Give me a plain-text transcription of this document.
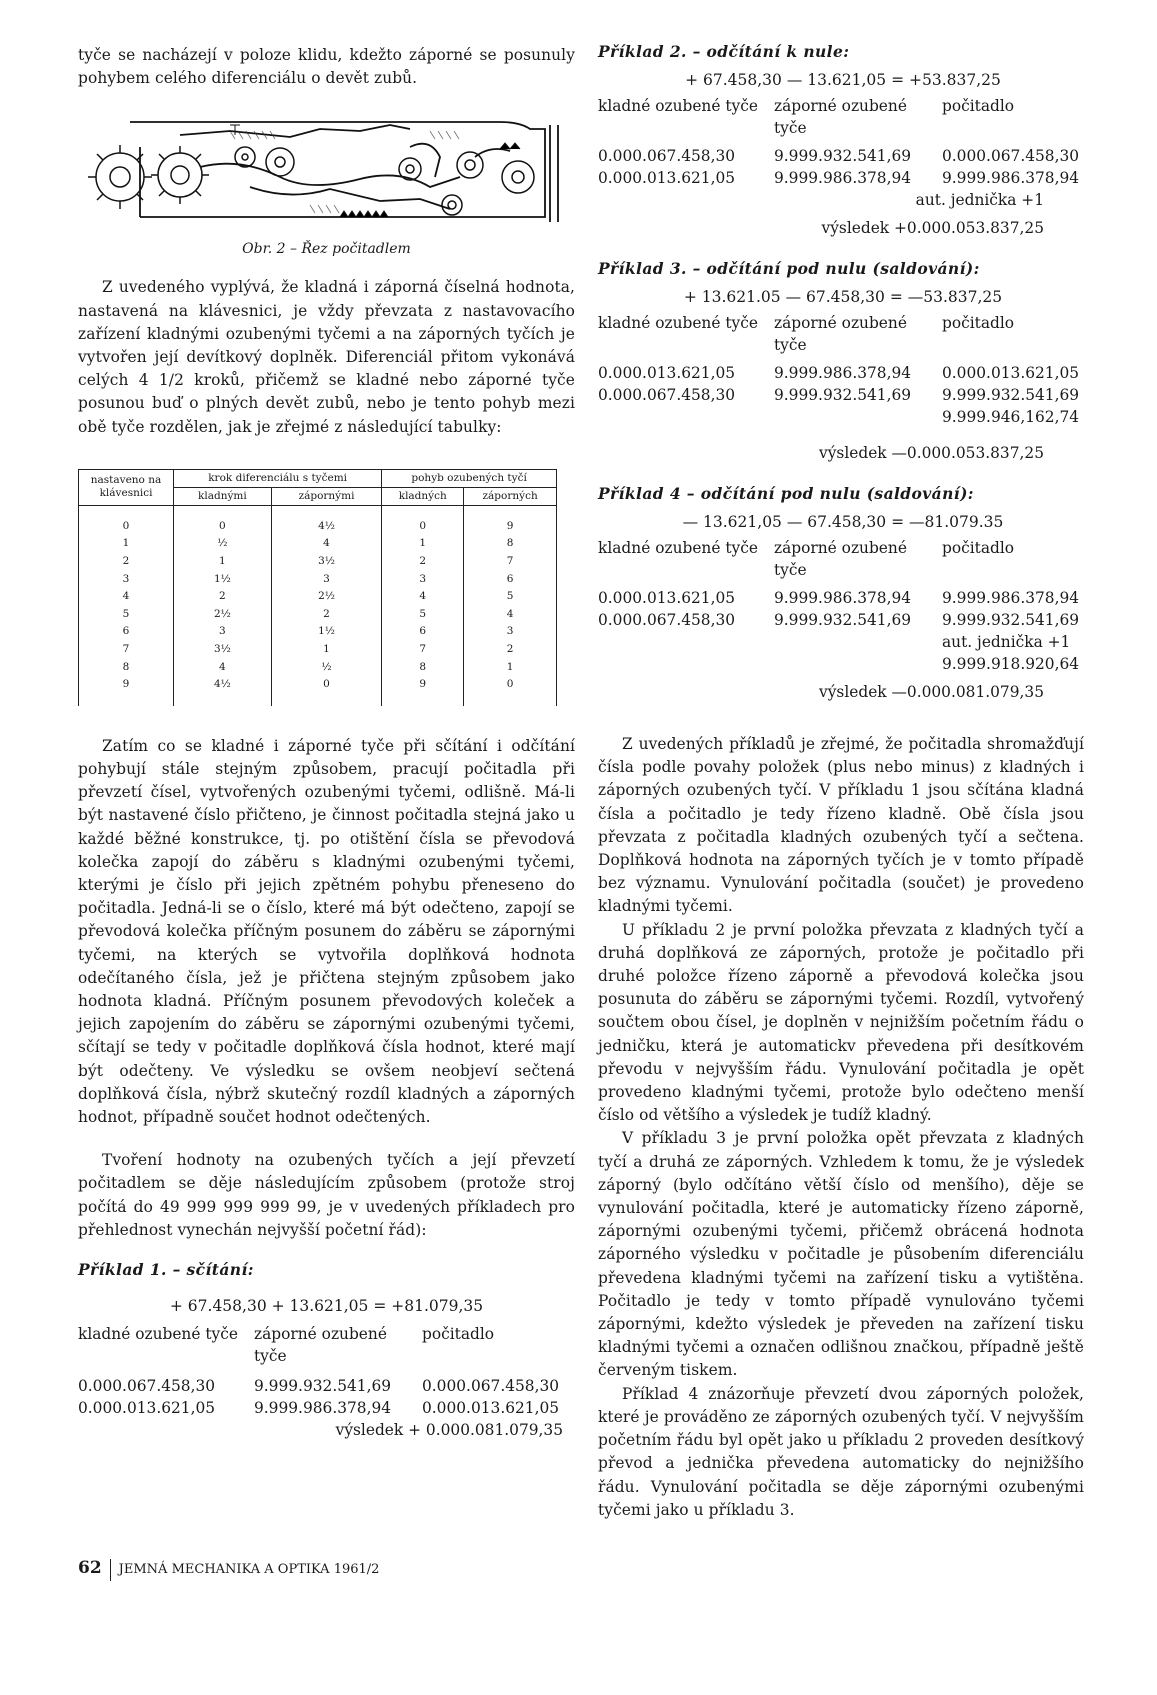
tyče se nacházejí v poloze klidu, kdežto záporné se posunuly pohybem celého diferenciálu o devět zubů.

Obr. 2 – Řez počitadlem

Z uvedeného vyplývá, že kladná i záporná číselná hodnota, nastavená na klávesnici, je vždy převzata z nastavovacího zařízení kladnými ozubenými tyčemi a na záporných tyčích je vytvořen její devítkový doplněk. Diferenciál přitom vykonává celých 4 1/2 kroků, přičemž se kladné nebo záporné tyče posunou buď o plných devět zubů, nebo je tento pohyb mezi obě tyče rozdělen, jak je zřejmé z následující tabulky:

nastaveno na klávesnici	krok diferenciálu s tyčemi		pohyb ozubených tyčí	
	kladnými	zápornými	kladných	záporných
0	0	4½	0	9
1	½	4	1	8
2	1	3½	2	7
3	1½	3	3	6
4	2	2½	4	5
5	2½	2	5	4
6	3	1½	6	3
7	3½	1	7	2
8	4	½	8	1
9	4½	0	9	0

Zatím co se kladné i záporné tyče při sčítání i odčítání pohybují stále stejným způsobem, pracují počitadla při převzetí čísel, vytvořených ozubenými tyčemi, odlišně. Má-li být nastavené číslo přičteno, je činnost počitadla stejná jako u každé běžné konstrukce, tj. po otištění čísla se převodová kolečka zapojí do záběru s kladnými ozubenými tyčemi, kterými je číslo při jejich zpětném pohybu přeneseno do počitadla. Jedná-li se o číslo, které má být odečteno, zapojí se převodová kolečka příčným posunem do záběru se zápornými tyčemi, na kterých se vytvořila doplňková hodnota odečítaného čísla, jež je přičtena stejným způsobem jako hodnota kladná. Příčným posunem převodových koleček a jejich zapojením do záběru se zápornými ozubenými tyčemi, sčítají se tedy v počitadle doplňková čísla hodnot, které mají být odečteny. Ve výsledku se ovšem neobjeví sečtená doplňková čísla, nýbrž skutečný rozdíl kladných a záporných hodnot, případně součet hodnot odečtených.

Tvoření hodnoty na ozubených tyčích a její převzetí počitadlem se děje následujícím způsobem (protože stroj počítá do 49 999 999 999 99, je v uvedených příkladech pro přehlednost vynechán nejvyšší početní řád):

Příklad 1. – sčítání:

+ 67.458,30 + 13.621,05 = +81.079,35

kladné ozubené tyče	záporné ozubené tyče	počitadlo

0.000.067.458,30	9.999.932.541,69	0.000.067.458,30
0.000.013.621,05	9.999.986.378,94	0.000.013.621,05
výsledek + 0.000.081.079,35		

Příklad 2. – odčítání k nule:

+ 67.458,30 — 13.621,05 = +53.837,25

kladné ozubené tyče	záporné ozubené tyče	počitadlo

0.000.067.458,30	9.999.932.541,69	0.000.067.458,30
0.000.013.621,05	9.999.986.378,94	9.999.986.378,94
aut. jednička +1		

výsledek +0.000.053.837,25		

Příklad 3. – odčítání pod nulu (saldování):

+ 13.621.05 — 67.458,30 = —53.837,25

kladné ozubené tyče	záporné ozubené tyče	počitadlo

0.000.013.621,05	9.999.986.378,94	0.000.013.621,05
0.000.067.458,30	9.999.932.541,69	9.999.932.541,69
		9.999.946,162,74

výsledek —0.000.053.837,25		

Příklad 4 – odčítání pod nulu (saldování):

— 13.621,05 — 67.458,30 = —81.079.35

kladné ozubené tyče	záporné ozubené tyče	počitadlo

0.000.013.621,05	9.999.986.378,94	9.999.986.378,94
0.000.067.458,30	9.999.932.541,69	9.999.932.541,69
		aut. jednička +1
		9.999.918.920,64

výsledek —0.000.081.079,35		

Z uvedených příkladů je zřejmé, že počitadla shromažďují čísla podle povahy položek (plus nebo minus) z kladných i záporných ozubených tyčí. V příkladu 1 jsou sčítána kladná čísla a počitadlo je tedy řízeno kladně. Obě čísla jsou převzata z počitadla kladných ozubených tyčí a sečtena. Doplňková hodnota na záporných tyčích je v tomto případě bez významu. Vynulování počitadla (součet) je provedeno kladnými tyčemi.

U příkladu 2 je první položka převzata z kladných tyčí a druhá doplňková ze záporných, protože je počitadlo při druhé položce řízeno záporně a převodová kolečka jsou posunuta do záběru se zápornými tyčemi. Rozdíl, vytvořený součtem obou čísel, je doplněn v nejnižším početním řádu o jedničku, která je automatickv převedena při desítkovém převodu v nejvyšším řádu. Vynulování počitadla je opět provedeno kladnými tyčemi, protože bylo odečteno menší číslo od většího a výsledek je tudíž kladný.

V příkladu 3 je první položka opět převzata z kladných tyčí a druhá ze záporných. Vzhledem k tomu, že je výsledek záporný (bylo odčítáno větší číslo od menšího), děje se vynulování počitadla, které je automaticky řízeno záporně, zápornými ozubenými tyčemi, přičemž obrácená hodnota záporného výsledku v počitadle je působením diferenciálu převedena kladnými tyčemi na zařízení tisku a vytištěna. Počitadlo je tedy v tomto případě vynulováno tyčemi zápornými, kdežto výsledek je převeden na zařízení tisku kladnými tyčemi a označen odlišnou značkou, případně ještě červeným tiskem.

Příklad 4 znázorňuje převzetí dvou záporných položek, které je prováděno ze záporných ozubených tyčí. V nejvyšším početním řádu byl opět jako u příkladu 2 proveden desítkový převod a jednička převedena automaticky do nejnižšího řádu. Vynulování počitadla se děje zápornými ozubenými tyčemi jako u příkladu 3.

62 JEMNÁ MECHANIKA A OPTIKA 1961/2
